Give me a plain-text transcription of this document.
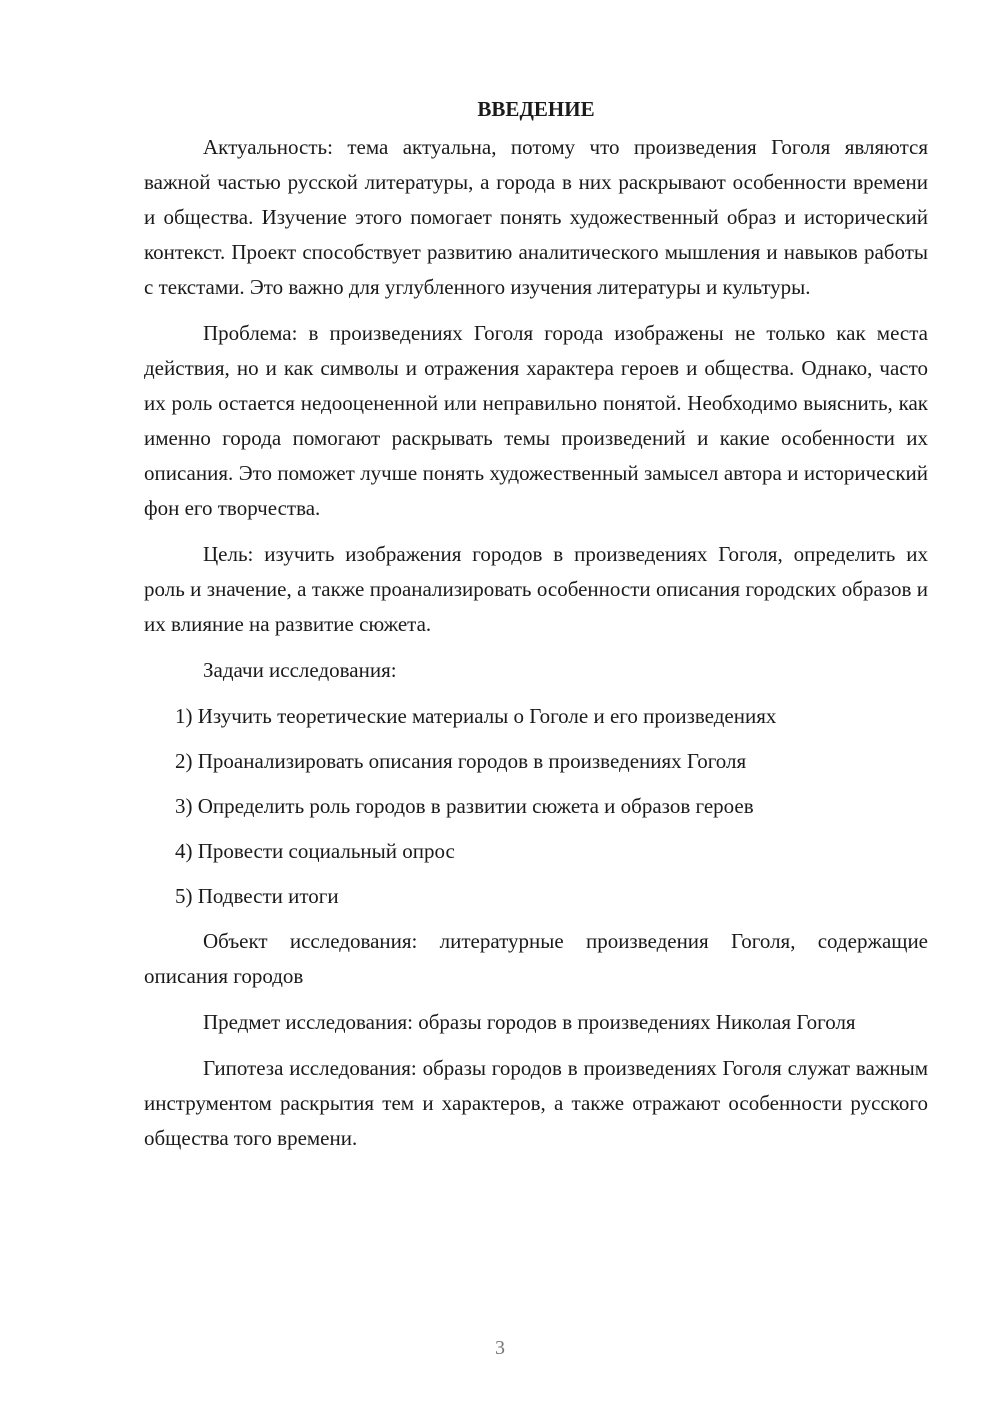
ВВЕДЕНИЕ

Актуальность: тема актуальна, потому что произведения Гоголя являются важной частью русской литературы, а города в них раскрывают особенности времени и общества. Изучение этого помогает понять художественный образ и исторический контекст. Проект способствует развитию аналитического мышления и навыков работы с текстами. Это важно для углубленного изучения литературы и культуры.

Проблема: в произведениях Гоголя города изображены не только как места действия, но и как символы и отражения характера героев и общества. Однако, часто их роль остается недооцененной или неправильно понятой. Необходимо выяснить, как именно города помогают раскрывать темы произведений и какие особенности их описания. Это поможет лучше понять художественный замысел автора и исторический фон его творчества.

Цель: изучить изображения городов в произведениях Гоголя, определить их роль и значение, а также проанализировать особенности описания городских образов и их влияние на развитие сюжета.

Задачи исследования:

1) Изучить теоретические материалы о Гоголе и его произведениях
2) Проанализировать описания городов в произведениях Гоголя
3) Определить роль городов в развитии сюжета и образов героев
4) Провести социальный опрос
5) Подвести итоги

Объект исследования: литературные произведения Гоголя, содержащие описания городов

Предмет исследования: образы городов в произведениях Николая Гоголя

Гипотеза исследования: образы городов в произведениях Гоголя служат важным инструментом раскрытия тем и характеров, а также отражают особенности русского общества того времени.

3
